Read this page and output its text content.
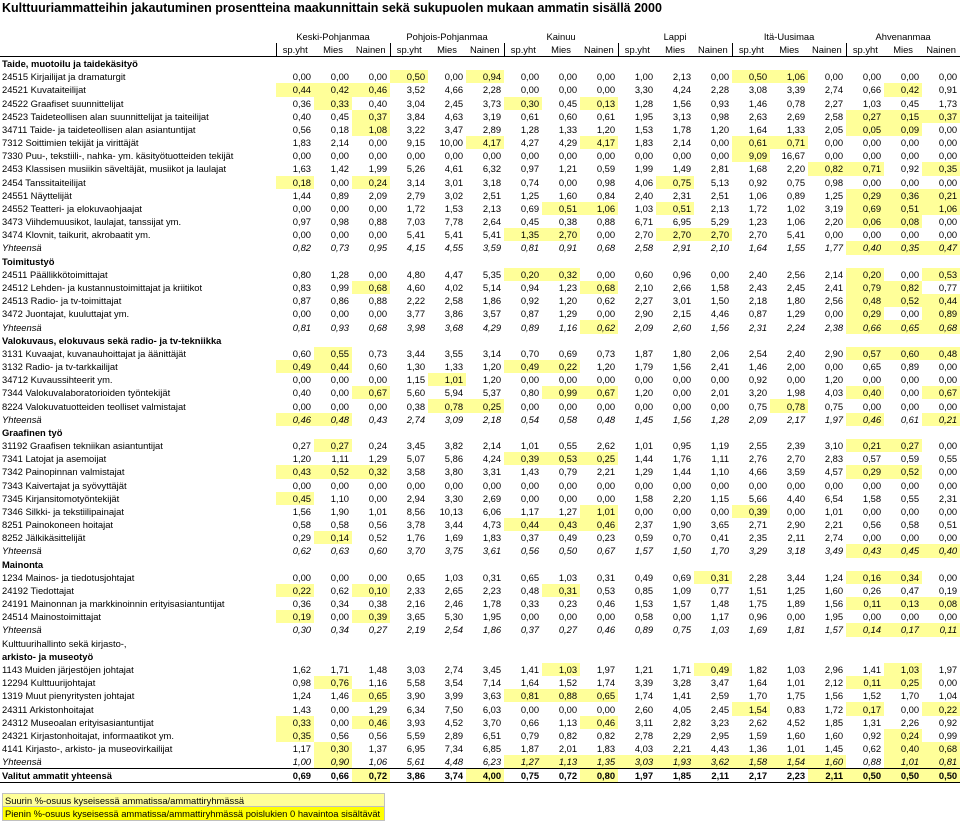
Kulttuuriammatteihin jakautuminen prosentteina maakunnittain sekä sukupuolen mukaan ammatin sisällä 2000
	Keski-Pohjanmaa			Pohjois-Pohjanmaa			Kainuu			Lappi			Itä-Uusimaa			Ahvenanmaa		
	sp.yht	Mies	Nainen	sp.yht	Mies	Nainen	sp.yht	Mies	Nainen	sp.yht	Mies	Nainen	sp.yht	Mies	Nainen	sp.yht	Mies	Nainen
Taide, muotoilu ja taidekäsityö																		
24515 Kirjailijat ja dramaturgit	0,00	0,00	0,00	0,50	0,00	0,94	0,00	0,00	0,00	1,00	2,13	0,00	0,50	1,06	0,00	0,00	0,00	0,00
24521 Kuvataiteilijat	0,44	0,42	0,46	3,52	4,66	2,28	0,00	0,00	0,00	3,30	4,24	2,28	3,08	3,39	2,74	0,66	0,42	0,91
24522 Graafiset suunnittelijat	0,36	0,33	0,40	3,04	2,45	3,73	0,30	0,45	0,13	1,28	1,56	0,93	1,46	0,78	2,27	1,03	0,45	1,73
24523 Taideteollisen alan suunnittelijat ja taiteilijat	0,40	0,45	0,37	3,84	4,63	3,19	0,61	0,60	0,61	1,95	3,13	0,98	2,63	2,69	2,58	0,27	0,15	0,37
34711 Taide- ja taideteollisen alan asiantuntijat	0,56	0,18	1,08	3,22	3,47	2,89	1,28	1,33	1,20	1,53	1,78	1,20	1,64	1,33	2,05	0,05	0,09	0,00
7312 Soittimien tekijät ja virittäjät	1,83	2,14	0,00	9,15	10,00	4,17	4,27	4,29	4,17	1,83	2,14	0,00	0,61	0,71	0,00	0,00	0,00	0,00
7330 Puu-, tekstiili-, nahka- ym. käsityötuotteiden tekijät	0,00	0,00	0,00	0,00	0,00	0,00	0,00	0,00	0,00	0,00	0,00	0,00	9,09	16,67	0,00	0,00	0,00	0,00
2453 Klassisen musiikin säveltäjät, musiikot ja laulajat	1,63	1,42	1,99	5,26	4,61	6,32	0,97	1,21	0,59	1,99	1,49	2,81	1,68	2,20	0,82	0,71	0,92	0,35
2454 Tanssitaiteilijat	0,18	0,00	0,24	3,14	3,01	3,18	0,74	0,00	0,98	4,06	0,75	5,13	0,92	0,75	0,98	0,00	0,00	0,00
24551 Näyttelijät	1,44	0,89	2,09	2,79	3,02	2,51	1,25	1,60	0,84	2,40	2,31	2,51	1,06	0,89	1,25	0,29	0,36	0,21
24552 Teatteri- ja elokuvaohjaajat	0,00	0,00	0,00	1,72	1,53	2,13	0,69	0,51	1,06	1,03	0,51	2,13	1,72	1,02	3,19	0,69	0,51	1,06
3473 Viihdemuusikot, laulajat, tanssijat ym.	0,97	0,98	0,88	7,03	7,78	2,64	0,45	0,38	0,88	6,71	6,95	5,29	1,23	1,06	2,20	0,06	0,08	0,00
3474 Klovnit, taikurit, akrobaatit ym.	0,00	0,00	0,00	5,41	5,41	5,41	1,35	2,70	0,00	2,70	2,70	2,70	2,70	5,41	0,00	0,00	0,00	0,00
Yhteensä	0,82	0,73	0,95	4,15	4,55	3,59	0,81	0,91	0,68	2,58	2,91	2,10	1,64	1,55	1,77	0,40	0,35	0,47
Toimitustyö																		
24511 Päällikkötoimittajat	0,80	1,28	0,00	4,80	4,47	5,35	0,20	0,32	0,00	0,60	0,96	0,00	2,40	2,56	2,14	0,20	0,00	0,53
24512 Lehden- ja kustannustoimittajat ja kriitikot	0,83	0,99	0,68	4,60	4,02	5,14	0,94	1,23	0,68	2,10	2,66	1,58	2,43	2,45	2,41	0,79	0,82	0,77
24513 Radio- ja tv-toimittajat	0,87	0,86	0,88	2,22	2,58	1,86	0,92	1,20	0,62	2,27	3,01	1,50	2,18	1,80	2,56	0,48	0,52	0,44
3472 Juontajat, kuuluttajat ym.	0,00	0,00	0,00	3,77	3,86	3,57	0,87	1,29	0,00	2,90	2,15	4,46	0,87	1,29	0,00	0,29	0,00	0,89
Yhteensä	0,81	0,93	0,68	3,98	3,68	4,29	0,89	1,16	0,62	2,09	2,60	1,56	2,31	2,24	2,38	0,66	0,65	0,68
Valokuvaus, elokuvaus sekä radio- ja tv-tekniikka																		
3131 Kuvaajat, kuvanauhoittajat ja äänittäjät	0,60	0,55	0,73	3,44	3,55	3,14	0,70	0,69	0,73	1,87	1,80	2,06	2,54	2,40	2,90	0,57	0,60	0,48
3132 Radio- ja tv-tarkkailijat	0,49	0,44	0,60	1,30	1,33	1,20	0,49	0,22	1,20	1,79	1,56	2,41	1,46	2,00	0,00	0,65	0,89	0,00
34712 Kuvaussihteerit ym.	0,00	0,00	0,00	1,15	1,01	1,20	0,00	0,00	0,00	0,00	0,00	0,00	0,92	0,00	1,20	0,00	0,00	0,00
7344 Valokuvalaboratorioiden työntekijät	0,40	0,00	0,67	5,60	5,94	5,37	0,80	0,99	0,67	1,20	0,00	2,01	3,20	1,98	4,03	0,40	0,00	0,67
8224 Valokuvatuotteiden teolliset valmistajat	0,00	0,00	0,00	0,38	0,78	0,25	0,00	0,00	0,00	0,00	0,00	0,00	0,75	0,78	0,75	0,00	0,00	0,00
Yhteensä	0,46	0,48	0,43	2,74	3,09	2,18	0,54	0,58	0,48	1,45	1,56	1,28	2,09	2,17	1,97	0,46	0,61	0,21
Graafinen työ																		
31192 Graafisen tekniikan asiantuntijat	0,27	0,27	0,24	3,45	3,82	2,14	1,01	0,55	2,62	1,01	0,95	1,19	2,55	2,39	3,10	0,21	0,27	0,00
7341 Latojat ja asemoijat	1,20	1,11	1,29	5,07	5,86	4,24	0,39	0,53	0,25	1,44	1,76	1,11	2,76	2,70	2,83	0,57	0,59	0,55
7342 Painopinnan valmistajat	0,43	0,52	0,32	3,58	3,80	3,31	1,43	0,79	2,21	1,29	1,44	1,10	4,66	3,59	4,57	0,29	0,52	0,00
7343 Kaivertajat ja syövyttäjät	0,00	0,00	0,00	0,00	0,00	0,00	0,00	0,00	0,00	0,00	0,00	0,00	0,00	0,00	0,00	0,00	0,00	0,00
7345 Kirjansitomotyöntekijät	0,45	1,10	0,00	2,94	3,30	2,69	0,00	0,00	0,00	1,58	2,20	1,15	5,66	4,40	6,54	1,58	0,55	2,31
7346 Silkki- ja tekstiilipainajat	1,56	1,90	1,01	8,56	10,13	6,06	1,17	1,27	1,01	0,00	0,00	0,00	0,39	0,00	1,01	0,00	0,00	0,00
8251 Painokoneen hoitajat	0,58	0,58	0,56	3,78	3,44	4,73	0,44	0,43	0,46	2,37	1,90	3,65	2,71	2,90	2,21	0,56	0,58	0,51
8252 Jälkikäsittelijät	0,29	0,14	0,52	1,76	1,69	1,83	0,37	0,49	0,23	0,59	0,70	0,41	2,35	2,11	2,74	0,00	0,00	0,00
Yhteensä	0,62	0,63	0,60	3,70	3,75	3,61	0,56	0,50	0,67	1,57	1,50	1,70	3,29	3,18	3,49	0,43	0,45	0,40
Mainonta																		
1234 Mainos- ja tiedotusjohtajat	0,00	0,00	0,00	0,65	1,03	0,31	0,65	1,03	0,31	0,49	0,69	0,31	2,28	3,44	1,24	0,16	0,34	0,00
24192 Tiedottajat	0,22	0,62	0,10	2,33	2,65	2,23	0,48	0,31	0,53	0,85	1,09	0,77	1,51	1,25	1,60	0,26	0,47	0,19
24191 Mainonnan ja markkinoinnin erityisasiantuntijat	0,36	0,34	0,38	2,16	2,46	1,78	0,33	0,23	0,46	1,53	1,57	1,48	1,75	1,89	1,56	0,11	0,13	0,08
24514 Mainostoimittajat	0,19	0,00	0,39	3,65	5,30	1,95	0,00	0,00	0,00	0,58	0,00	1,17	0,96	0,00	1,95	0,00	0,00	0,00
Yhteensä	0,30	0,34	0,27	2,19	2,54	1,86	0,37	0,27	0,46	0,89	0,75	1,03	1,69	1,81	1,57	0,14	0,17	0,11
Kulttuurihallinto sekä kirjasto-,																		
arkisto- ja museotyö																		
1143 Muiden järjestöjen johtajat	1,62	1,71	1,48	3,03	2,74	3,45	1,41	1,03	1,97	1,21	1,71	0,49	1,82	1,03	2,96	1,41	1,03	1,97
12294 Kulttuurijohtajat	0,98	0,76	1,16	5,58	3,54	7,14	1,64	1,52	1,74	3,39	3,28	3,47	1,64	1,01	2,12	0,11	0,25	0,00
1319 Muut pienyritysten johtajat	1,24	1,46	0,65	3,90	3,99	3,63	0,81	0,88	0,65	1,74	1,41	2,59	1,70	1,75	1,56	1,52	1,70	1,04
24311 Arkistonhoitajat	1,43	0,00	1,29	6,34	7,50	6,03	0,00	0,00	0,00	2,60	4,05	2,45	1,54	0,83	1,72	0,17	0,00	0,22
24312 Museoalan erityisasiantuntijat	0,33	0,00	0,46	3,93	4,52	3,70	0,66	1,13	0,46	3,11	2,82	3,23	2,62	4,52	1,85	1,31	2,26	0,92
24321 Kirjastonhoitajat, informaatikot ym.	0,35	0,56	0,56	5,59	2,89	6,51	0,79	0,82	0,82	2,78	2,29	2,95	1,59	1,60	1,60	0,92	0,24	0,99
4141 Kirjasto-, arkisto- ja museovirkailijat	1,17	0,30	1,37	6,95	7,34	6,85	1,87	2,01	1,83	4,03	2,21	4,43	1,36	1,01	1,45	0,62	0,40	0,68
Yhteensä	1,00	0,90	1,06	5,61	4,48	6,23	1,27	1,13	1,35	3,03	1,93	3,62	1,58	1,54	1,60	0,88	1,01	0,81
Valitut ammatit yhteensä	0,69	0,66	0,72	3,86	3,74	4,00	0,75	0,72	0,80	1,97	1,85	2,11	2,17	2,23	2,11	0,50	0,50	0,50
Suurin %-osuus kyseisessä ammatissa/ammattiryhmässä
Pienin %-osuus kyseisessä ammatissa/ammattiryhmässä poislukien 0 havaintoa sisältävät
